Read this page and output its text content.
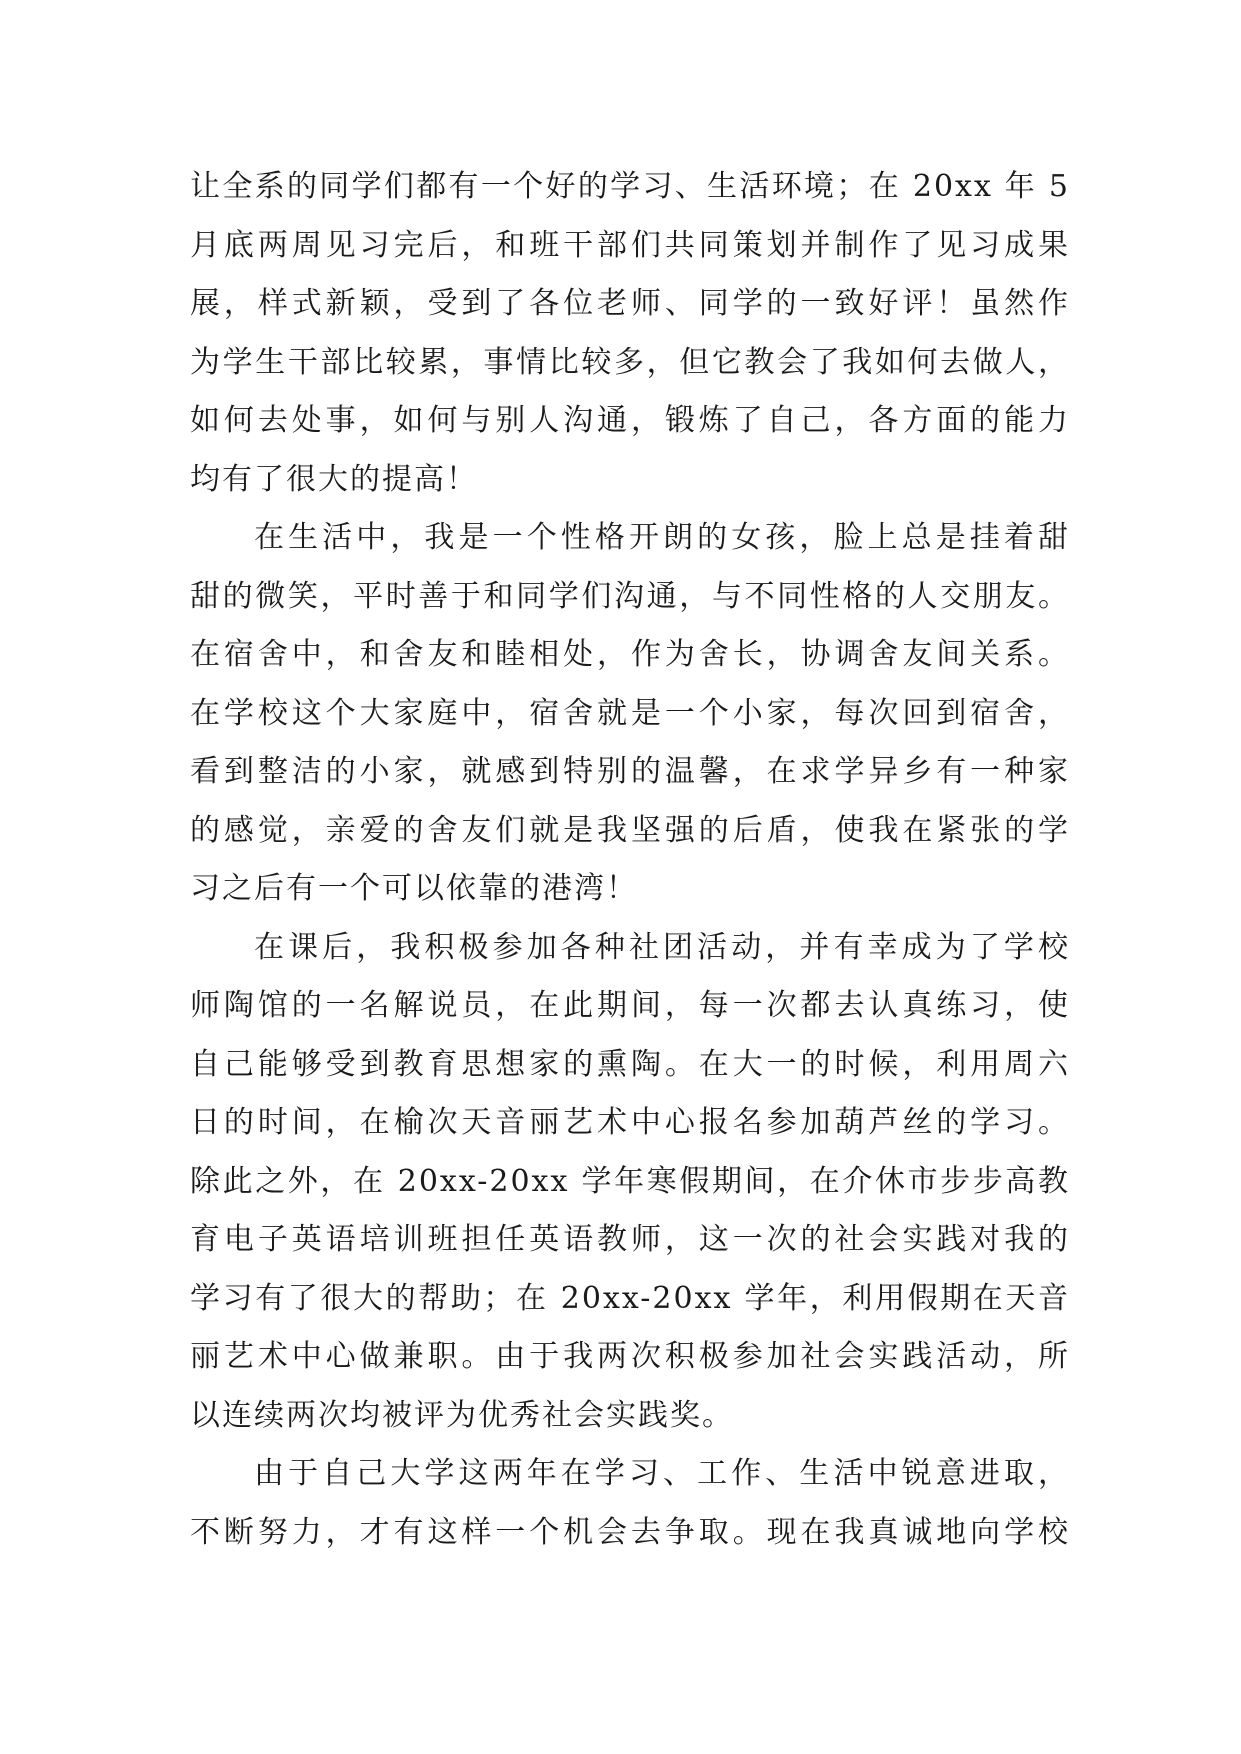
让全系的同学们都有一个好的学习、生活环境；在 20xx 年 5
月底两周见习完后，和班干部们共同策划并制作了见习成果
展，样式新颖，受到了各位老师、同学的一致好评！虽然作
为学生干部比较累，事情比较多，但它教会了我如何去做人，
如何去处事，如何与别人沟通，锻炼了自己，各方面的能力
均有了很大的提高！
在生活中，我是一个性格开朗的女孩，脸上总是挂着甜
甜的微笑，平时善于和同学们沟通，与不同性格的人交朋友。
在宿舍中，和舍友和睦相处，作为舍长，协调舍友间关系。
在学校这个大家庭中，宿舍就是一个小家，每次回到宿舍，
看到整洁的小家，就感到特别的温馨，在求学异乡有一种家
的感觉，亲爱的舍友们就是我坚强的后盾，使我在紧张的学
习之后有一个可以依靠的港湾！
在课后，我积极参加各种社团活动，并有幸成为了学校
师陶馆的一名解说员，在此期间，每一次都去认真练习，使
自己能够受到教育思想家的熏陶。在大一的时候，利用周六
日的时间，在榆次天音丽艺术中心报名参加葫芦丝的学习。
除此之外，在 20xx-20xx 学年寒假期间，在介休市步步高教
育电子英语培训班担任英语教师，这一次的社会实践对我的
学习有了很大的帮助；在 20xx-20xx 学年，利用假期在天音
丽艺术中心做兼职。由于我两次积极参加社会实践活动，所
以连续两次均被评为优秀社会实践奖。
由于自己大学这两年在学习、工作、生活中锐意进取，
不断努力，才有这样一个机会去争取。现在我真诚地向学校
